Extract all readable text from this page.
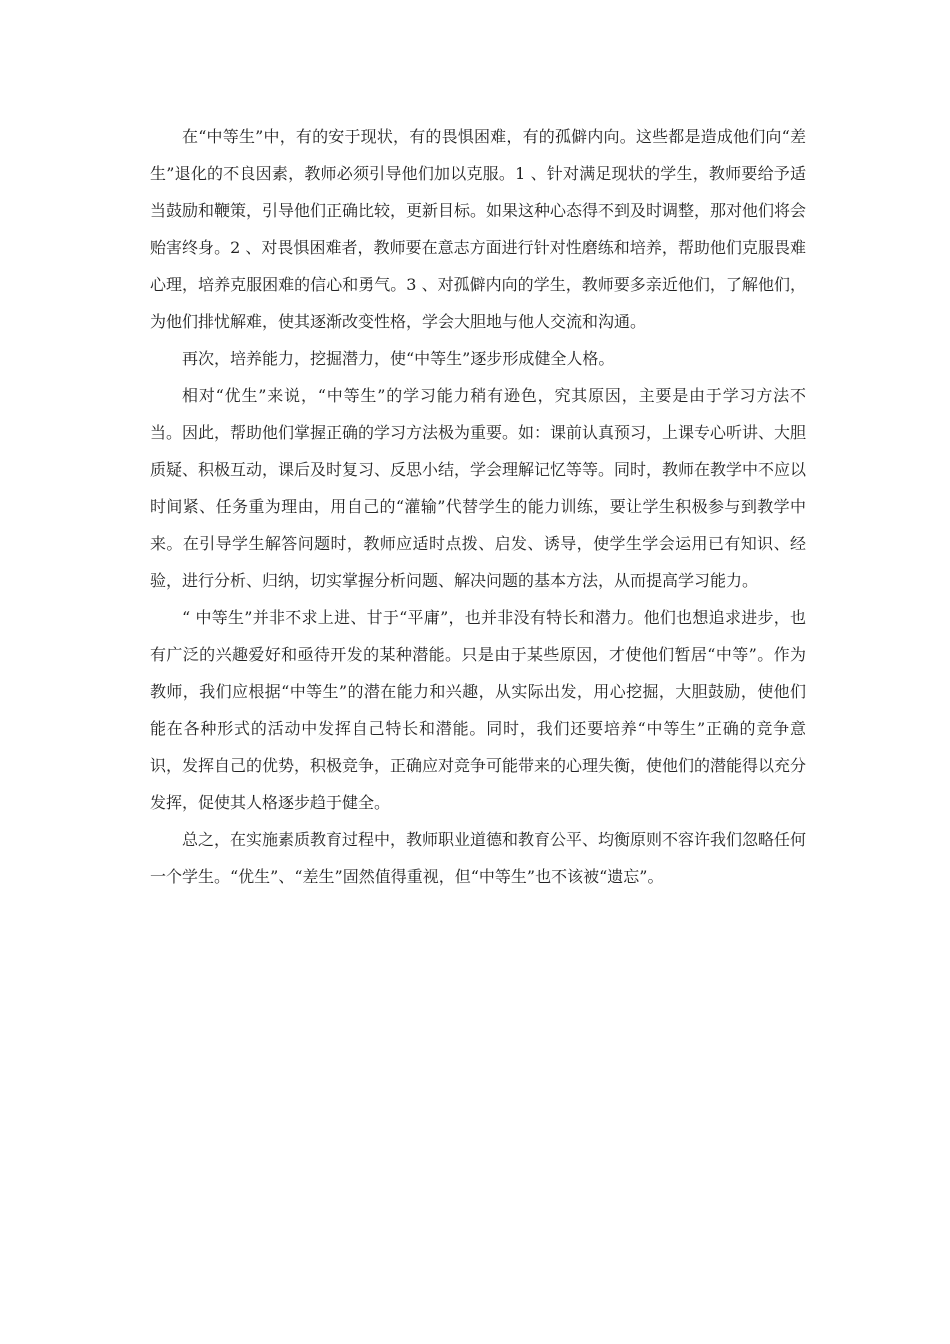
在“中等生”中，有的安于现状，有的畏惧困难，有的孤僻内向。这些都是造成他们向“差生”退化的不良因素，教师必须引导他们加以克服。1 、针对满足现状的学生，教师要给予适当鼓励和鞭策，引导他们正确比较，更新目标。如果这种心态得不到及时调整，那对他们将会贻害终身。2 、对畏惧困难者，教师要在意志方面进行针对性磨练和培养，帮助他们克服畏难心理，培养克服困难的信心和勇气。3 、对孤僻内向的学生，教师要多亲近他们，了解他们，为他们排忧解难，使其逐渐改变性格，学会大胆地与他人交流和沟通。

再次，培养能力，挖掘潜力，使“中等生”逐步形成健全人格。

相对“优生”来说，“中等生”的学习能力稍有逊色，究其原因，主要是由于学习方法不当。因此，帮助他们掌握正确的学习方法极为重要。如：课前认真预习，上课专心听讲、大胆质疑、积极互动，课后及时复习、反思小结，学会理解记忆等等。同时，教师在教学中不应以时间紧、任务重为理由，用自己的“灌输”代替学生的能力训练，要让学生积极参与到教学中来。在引导学生解答问题时，教师应适时点拨、启发、诱导，使学生学会运用已有知识、经验，进行分析、归纳，切实掌握分析问题、解决问题的基本方法，从而提高学习能力。

“ 中等生”并非不求上进、甘于“平庸”，也并非没有特长和潜力。他们也想追求进步，也有广泛的兴趣爱好和亟待开发的某种潜能。只是由于某些原因，才使他们暂居“中等”。作为教师，我们应根据“中等生”的潜在能力和兴趣，从实际出发，用心挖掘，大胆鼓励，使他们能在各种形式的活动中发挥自己特长和潜能。同时，我们还要培养“中等生”正确的竞争意识，发挥自己的优势，积极竞争，正确应对竞争可能带来的心理失衡，使他们的潜能得以充分发挥，促使其人格逐步趋于健全。

总之，在实施素质教育过程中，教师职业道德和教育公平、均衡原则不容许我们忽略任何一个学生。“优生”、“差生”固然值得重视，但“中等生”也不该被“遗忘”。
